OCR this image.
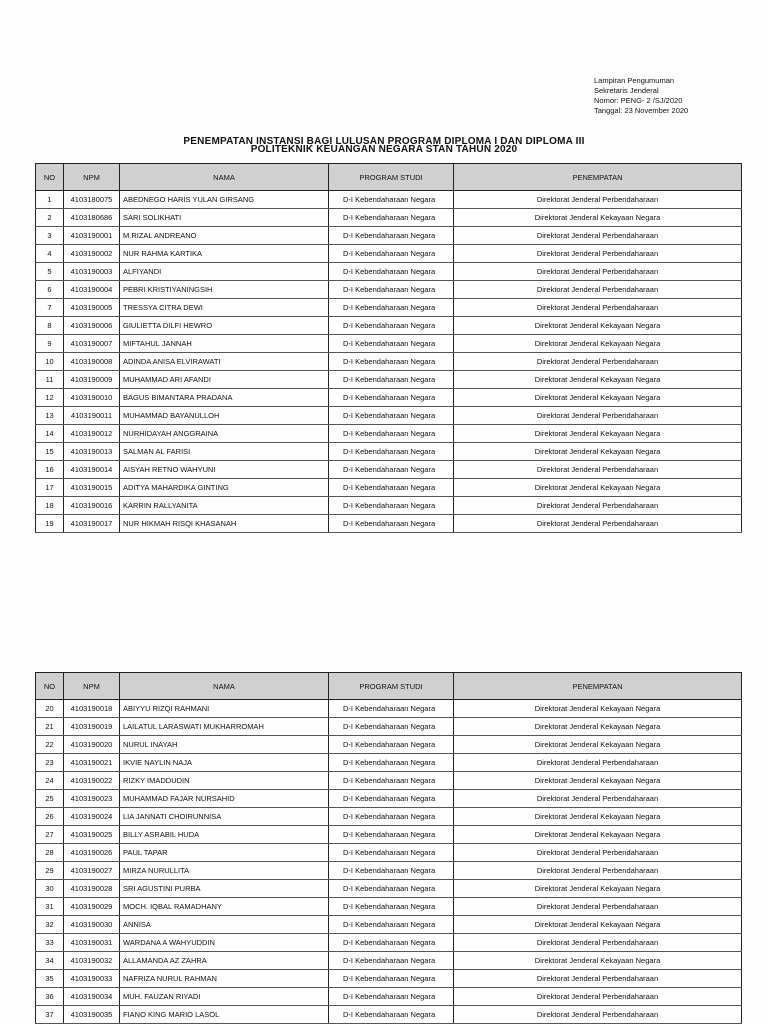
Lampiran Pengumuman
Sekretaris Jenderal
Nomor: PENG- 2 /SJ/2020
Tanggal: 23 November 2020
PENEMPATAN INSTANSI BAGI LULUSAN PROGRAM DIPLOMA I DAN DIPLOMA III
POLITEKNIK KEUANGAN NEGARA STAN TAHUN 2020
NO	NPM	NAMA	PROGRAM STUDI	PENEMPATAN
1	4103180075	ABEDNEGO HARIS YULAN GIRSANG	D-I Kebendaharaan Negara	Direktorat Jenderal Perbendaharaan
2	4103180686	SARI SOLIKHATI	D-I Kebendaharaan Negara	Direktorat Jenderal Kekayaan Negara
3	4103190001	M.RIZAL ANDREANO	D-I Kebendaharaan Negara	Direktorat Jenderal Perbendaharaan
4	4103190002	NUR RAHMA KARTIKA	D-I Kebendaharaan Negara	Direktorat Jenderal Perbendaharaan
5	4103190003	ALFIYANDI	D-I Kebendaharaan Negara	Direktorat Jenderal Perbendaharaan
6	4103190004	PEBRI KRISTIYANINGSIH	D-I Kebendaharaan Negara	Direktorat Jenderal Perbendaharaan
7	4103190005	TRESSYA CITRA DEWI	D-I Kebendaharaan Negara	Direktorat Jenderal Perbendaharaan
8	4103190006	GIULIETTA DILFI HEWRO	D-I Kebendaharaan Negara	Direktorat Jenderal Kekayaan Negara
9	4103190007	MIFTAHUL JANNAH	D-I Kebendaharaan Negara	Direktorat Jenderal Kekayaan Negara
10	4103190008	ADINDA ANISA ELVIRAWATI	D-I Kebendaharaan Negara	Direktorat Jenderal Perbendaharaan
11	4103190009	MUHAMMAD ARI AFANDI	D-I Kebendaharaan Negara	Direktorat Jenderal Kekayaan Negara
12	4103190010	BAGUS BIMANTARA PRADANA	D-I Kebendaharaan Negara	Direktorat Jenderal Kekayaan Negara
13	4103190011	MUHAMMAD BAYANULLOH	D-I Kebendaharaan Negara	Direktorat Jenderal Perbendaharaan
14	4103190012	NURHIDAYAH ANGGRAINA	D-I Kebendaharaan Negara	Direktorat Jenderal Kekayaan Negara
15	4103190013	SALMAN AL FARISI	D-I Kebendaharaan Negara	Direktorat Jenderal Kekayaan Negara
16	4103190014	AISYAH RETNO WAHYUNI	D-I Kebendaharaan Negara	Direktorat Jenderal Perbendaharaan
17	4103190015	ADITYA MAHARDIKA GINTING	D-I Kebendaharaan Negara	Direktorat Jenderal Kekayaan Negara
18	4103190016	KARRIN RALLYANITA	D-I Kebendaharaan Negara	Direktorat Jenderal Perbendaharaan
19	4103190017	NUR HIKMAH RISQI KHASANAH	D-I Kebendaharaan Negara	Direktorat Jenderal Perbendaharaan
NO	NPM	NAMA	PROGRAM STUDI	PENEMPATAN
20	4103190018	ABIYYU RIZQI RAHMANI	D-I Kebendaharaan Negara	Direktorat Jenderal Kekayaan Negara
21	4103190019	LAILATUL LARASWATI MUKHARROMAH	D-I Kebendaharaan Negara	Direktorat Jenderal Kekayaan Negara
22	4103190020	NURUL INAYAH	D-I Kebendaharaan Negara	Direktorat Jenderal Kekayaan Negara
23	4103190021	IKVIE NAYLIN NAJA	D-I Kebendaharaan Negara	Direktorat Jenderal Perbendaharaan
24	4103190022	RIZKY IMADDUDIN	D-I Kebendaharaan Negara	Direktorat Jenderal Kekayaan Negara
25	4103190023	MUHAMMAD FAJAR NURSAHID	D-I Kebendaharaan Negara	Direktorat Jenderal Perbendaharaan
26	4103190024	LIA JANNATI CHOIRUNNISA	D-I Kebendaharaan Negara	Direktorat Jenderal Kekayaan Negara
27	4103190025	BILLY ASRABIL HUDA	D-I Kebendaharaan Negara	Direktorat Jenderal Kekayaan Negara
28	4103190026	PAUL TAPAR	D-I Kebendaharaan Negara	Direktorat Jenderal Perbendaharaan
29	4103190027	MIRZA NURULLITA	D-I Kebendaharaan Negara	Direktorat Jenderal Perbendaharaan
30	4103190028	SRI AGUSTINI PURBA	D-I Kebendaharaan Negara	Direktorat Jenderal Kekayaan Negara
31	4103190029	MOCH. IQBAL RAMADHANY	D-I Kebendaharaan Negara	Direktorat Jenderal Perbendaharaan
32	4103190030	ANNISA	D-I Kebendaharaan Negara	Direktorat Jenderal Kekayaan Negara
33	4103190031	WARDANA A WAHYUDDIN	D-I Kebendaharaan Negara	Direktorat Jenderal Perbendaharaan
34	4103190032	ALLAMANDA AZ ZAHRA	D-I Kebendaharaan Negara	Direktorat Jenderal Kekayaan Negara
35	4103190033	NAFRIZA NURUL RAHMAN	D-I Kebendaharaan Negara	Direktorat Jenderal Perbendaharaan
36	4103190034	MUH. FAUZAN RIYADI	D-I Kebendaharaan Negara	Direktorat Jenderal Perbendaharaan
37	4103190035	FIANO KING MARIO LASOL	D-I Kebendaharaan Negara	Direktorat Jenderal Perbendaharaan
